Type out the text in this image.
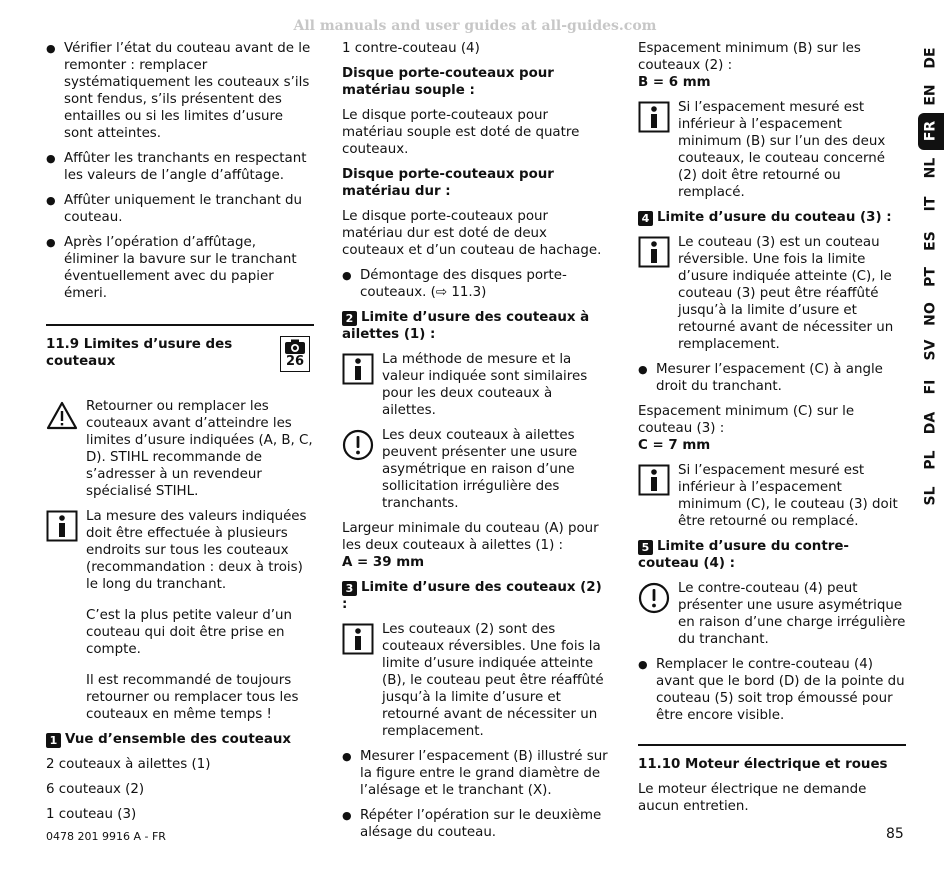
All manuals and user guides at all-guides.com
● Vérifier l’état du couteau avant de le remonter : remplacer systématiquement les couteaux s’ils sont fendus, s’ils présentent des entailles ou si les limites d’usure sont atteintes.
● Affûter les tranchants en respectant les valeurs de l’angle d’affûtage.
● Affûter uniquement le tranchant du couteau.
● Après l’opération d’affûtage, éliminer la bavure sur le tranchant éventuellement avec du papier émeri.
11.9 Limites d’usure des couteaux	26

Retourner ou remplacer les couteaux avant d’atteindre les limites d’usure indiquées (A, B, C, D). STIHL recommande de s’adresser à un revendeur spécialisé STIHL.

La mesure des valeurs indiquées doit être effectuée à plusieurs endroits sur tous les couteaux (recommandation : deux à trois) le long du tranchant.

C’est la plus petite valeur d’un couteau qui doit être prise en compte.

Il est recommandé de toujours retourner ou remplacer tous les couteaux en même temps !

1 Vue d’ensemble des couteaux

2 couteaux à ailettes (1)

6 couteaux (2)

1 couteau (3)

1 contre-couteau (4)

Disque porte-couteaux pour matériau souple :

Le disque porte-couteaux pour matériau souple est doté de quatre couteaux.

Disque porte-couteaux pour matériau dur :

Le disque porte-couteaux pour matériau dur est doté de deux couteaux et d’un couteau de hachage.

● Démontage des disques porte-couteaux. (⇨ 11.3)

2 Limite d’usure des couteaux à ailettes (1) :

La méthode de mesure et la valeur indiquée sont similaires pour les deux couteaux à ailettes.

Les deux couteaux à ailettes peuvent présenter une usure asymétrique en raison d’une sollicitation irrégulière des tranchants.

Largeur minimale du couteau (A) pour les deux couteaux à ailettes (1) :
A = 39 mm

3 Limite d’usure des couteaux (2) :

Les couteaux (2) sont des couteaux réversibles. Une fois la limite d’usure indiquée atteinte (B), le couteau peut être réaffûté jusqu’à la limite d’usure et retourné avant de nécessiter un remplacement.

● Mesurer l’espacement (B) illustré sur la figure entre le grand diamètre de l’alésage et le tranchant (X).
● Répéter l’opération sur le deuxième alésage du couteau.

Espacement minimum (B) sur les couteaux (2) :
B = 6 mm

Si l’espacement mesuré est inférieur à l’espacement minimum (B) sur l’un des deux couteaux, le couteau concerné (2) doit être retourné ou remplacé.

4 Limite d’usure du couteau (3) :

Le couteau (3) est un couteau réversible. Une fois la limite d’usure indiquée atteinte (C), le couteau (3) peut être réaffûté jusqu’à la limite d’usure et retourné avant de nécessiter un remplacement.

● Mesurer l’espacement (C) à angle droit du tranchant.

Espacement minimum (C) sur le couteau (3) :
C = 7 mm

Si l’espacement mesuré est inférieur à l’espacement minimum (C), le couteau (3) doit être retourné ou remplacé.

5 Limite d’usure du contre-couteau (4) :

Le contre-couteau (4) peut présenter une usure asymétrique en raison d’une charge irrégulière du tranchant.

● Remplacer le contre-couteau (4) avant que le bord (D) de la pointe du couteau (5) soit trop émoussé pour être encore visible.

11.10 Moteur électrique et roues

Le moteur électrique ne demande aucun entretien.

DE
EN
FR
NL
IT
ES
PT
NO
SV
FI
DA
PL
SL
0478 201 9916 A - FR	85
